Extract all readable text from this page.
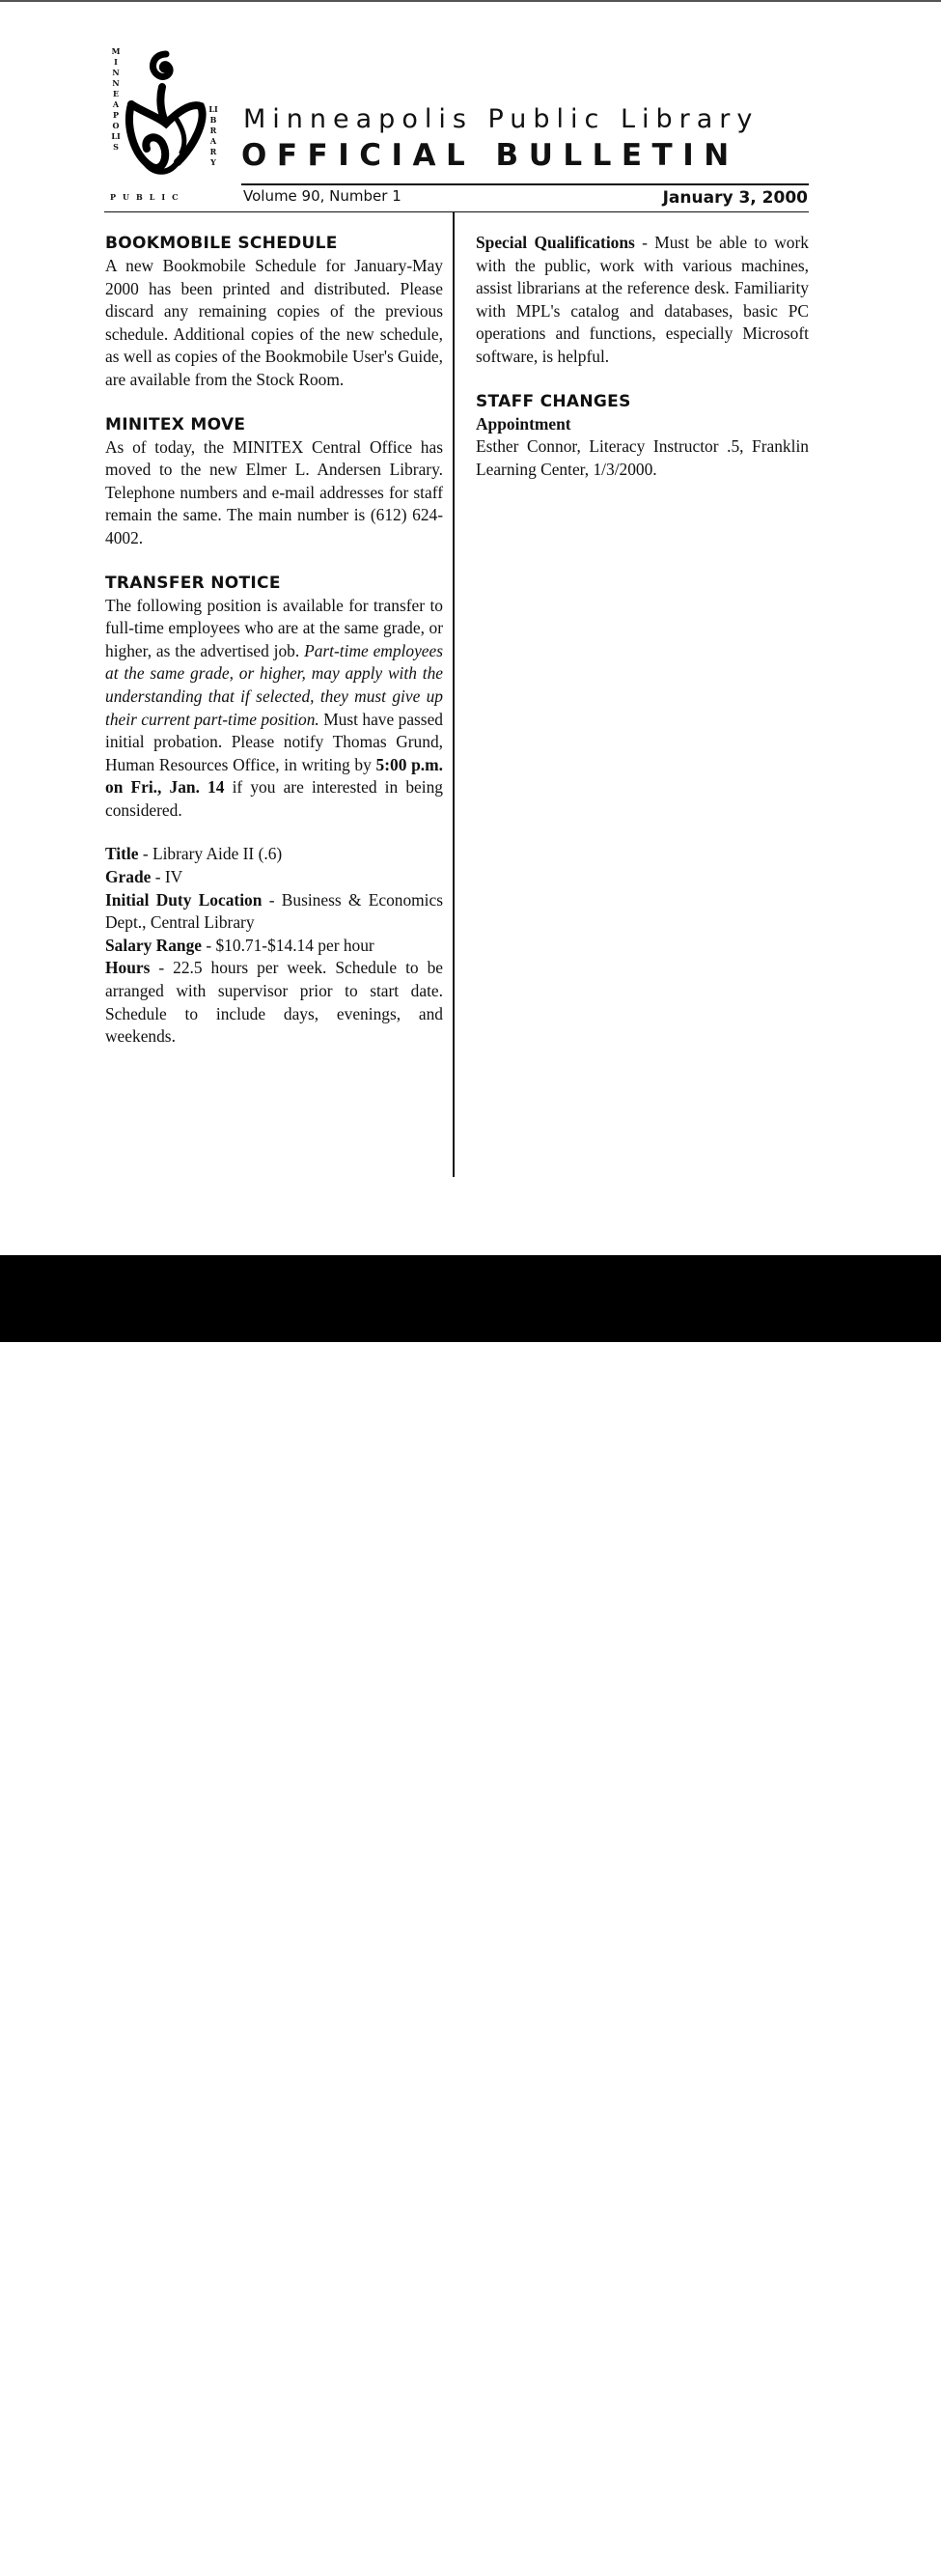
MINNEAPOLIS
LIBRARY
PUBLIC
Minneapolis Public Library
OFFICIAL BULLETIN
Volume 90, Number 1	January 3, 2000
BOOKMOBILE SCHEDULE

A new Bookmobile Schedule for January-May 2000 has been printed and distributed. Please discard any remaining copies of the previous schedule. Additional copies of the new schedule, as well as copies of the Bookmobile User's Guide, are available from the Stock Room.

MINITEX MOVE

As of today, the MINITEX Central Office has moved to the new Elmer L. Andersen Library. Telephone numbers and e-mail addresses for staff remain the same. The main number is (612) 624-4002.

TRANSFER NOTICE

The following position is available for transfer to full-time employees who are at the same grade, or higher, as the advertised job. Part-time employees at the same grade, or higher, may apply with the understanding that if selected, they must give up their current part-time position. Must have passed initial probation. Please notify Thomas Grund, Human Resources Office, in writing by 5:00 p.m. on Fri., Jan. 14 if you are interested in being considered.

Title - Library Aide II (.6)

Grade - IV

Initial Duty Location - Business & Economics Dept., Central Library

Salary Range - $10.71-$14.14 per hour

Hours - 22.5 hours per week. Schedule to be arranged with supervisor prior to start date. Schedule to include days, evenings, and weekends.

Special Qualifications - Must be able to work with the public, work with various machines, assist librarians at the reference desk. Familiarity with MPL's catalog and databases, basic PC operations and functions, especially Microsoft software, is helpful.

STAFF CHANGES

Appointment

Esther Connor, Literacy Instructor .5, Franklin Learning Center, 1/3/2000.

alamy	Image ID: 3APHR8F
www.alamy.com
